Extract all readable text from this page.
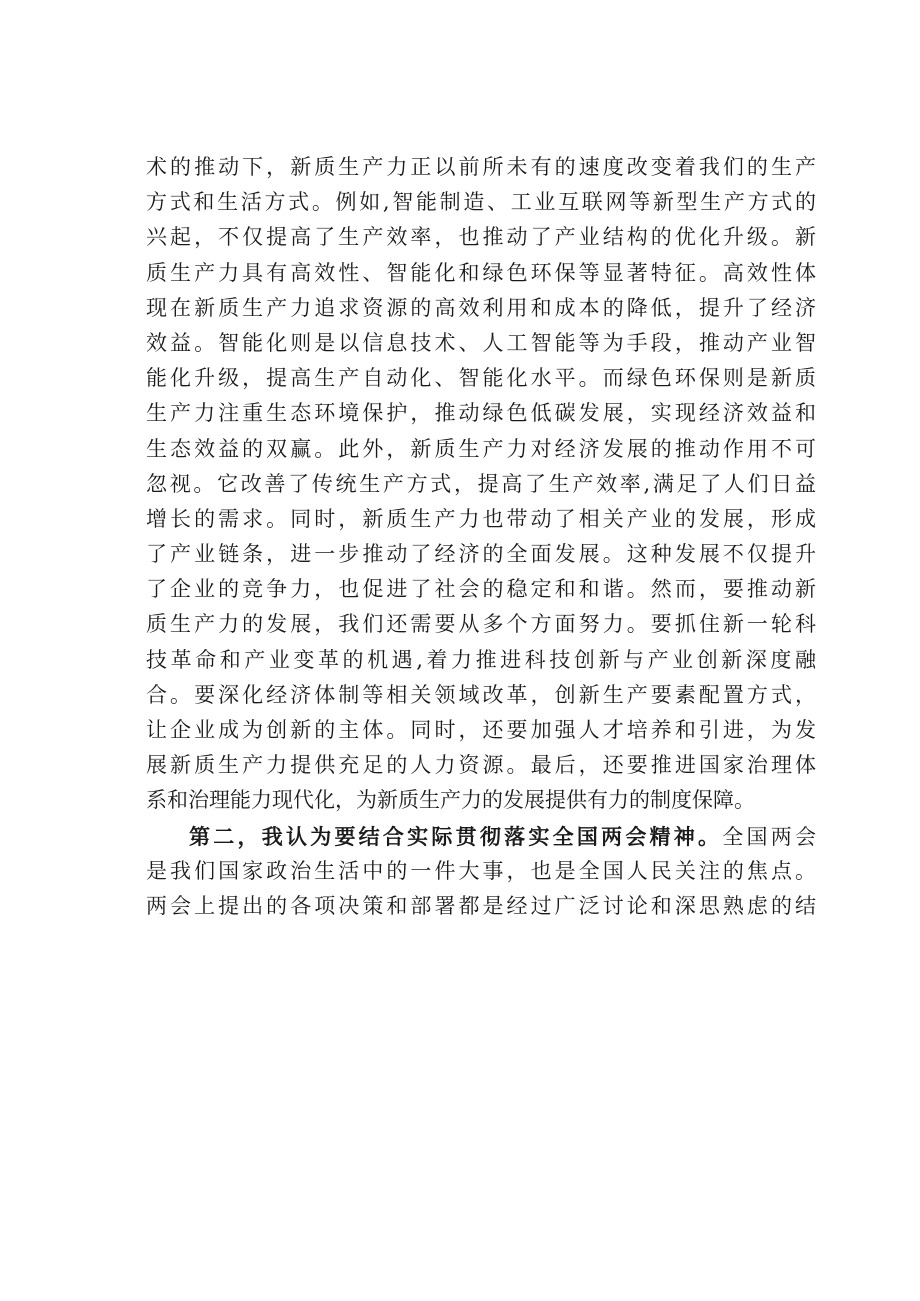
术的推动下，新质生产力正以前所未有的速度改变着我们的生产
方式和生活方式。例如,智能制造、工业互联网等新型生产方式的
兴起，不仅提高了生产效率，也推动了产业结构的优化升级。新
质生产力具有高效性、智能化和绿色环保等显著特征。高效性体
现在新质生产力追求资源的高效利用和成本的降低，提升了经济
效益。智能化则是以信息技术、人工智能等为手段，推动产业智
能化升级，提高生产自动化、智能化水平。而绿色环保则是新质
生产力注重生态环境保护，推动绿色低碳发展，实现经济效益和
生态效益的双赢。此外，新质生产力对经济发展的推动作用不可
忽视。它改善了传统生产方式，提高了生产效率,满足了人们日益
增长的需求。同时，新质生产力也带动了相关产业的发展，形成
了产业链条，进一步推动了经济的全面发展。这种发展不仅提升
了企业的竞争力，也促进了社会的稳定和和谐。然而，要推动新
质生产力的发展，我们还需要从多个方面努力。要抓住新一轮科
技革命和产业变革的机遇,着力推进科技创新与产业创新深度融
合。要深化经济体制等相关领域改革，创新生产要素配置方式，
让企业成为创新的主体。同时，还要加强人才培养和引进，为发
展新质生产力提供充足的人力资源。最后，还要推进国家治理体
系和治理能力现代化，为新质生产力的发展提供有力的制度保障。
第二，我认为要结合实际贯彻落实全国两会精神。全国两会
是我们国家政治生活中的一件大事，也是全国人民关注的焦点。
两会上提出的各项决策和部署都是经过广泛讨论和深思熟虑的结
